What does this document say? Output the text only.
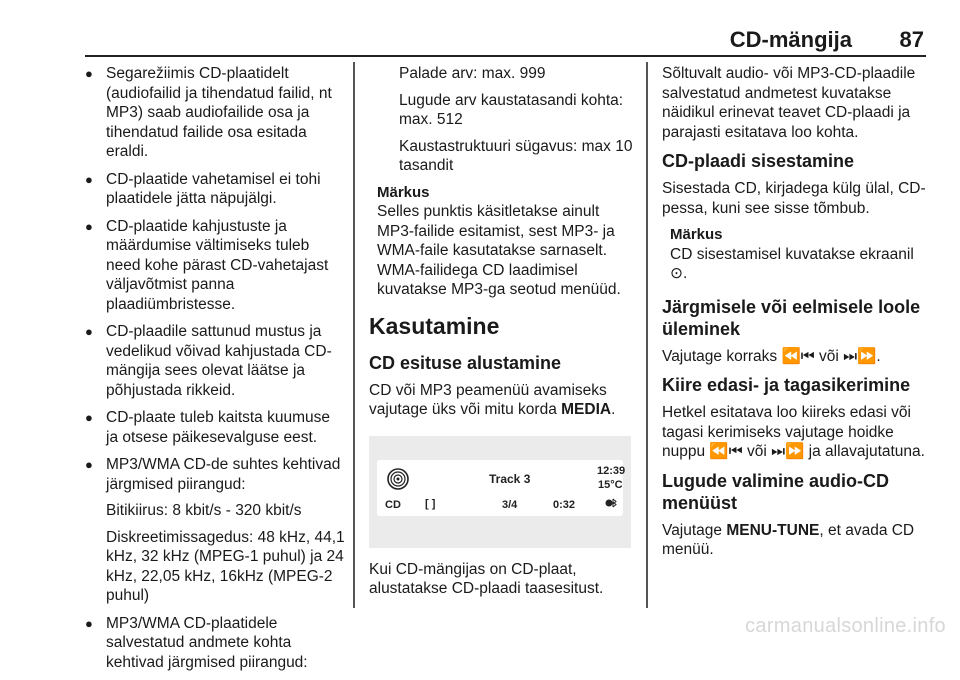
CD-mängija 87
● Segarežiimis CD-plaatidelt (audiofailid ja tihendatud failid, nt MP3) saab audiofailide osa ja tihendatud failide osa esitada eraldi.
● CD-plaatide vahetamisel ei tohi plaatidele jätta näpujälgi.
● CD-plaatide kahjustuste ja määrdumise vältimiseks tuleb need kohe pärast CD-vahetajast väljavõtmist panna plaadiümbristesse.
● CD-plaadile sattunud mustus ja vedelikud võivad kahjustada CD-mängija sees olevat läätse ja põhjustada rikkeid.
● CD-plaate tuleb kaitsta kuumuse ja otsese päikesevalguse eest.
● MP3/WMA CD-de suhtes kehtivad järgmised piirangud:
Bitikiirus: 8 kbit/s - 320 kbit/s
Diskreetimissagedus: 48 kHz, 44,1 kHz, 32 kHz (MPEG-1 puhul) ja 24 kHz, 22,05 kHz, 16kHz (MPEG-2 puhul)
● MP3/WMA CD-plaatidele salvestatud andmete kohta kehtivad järgmised piirangud:

Palade arv: max. 999

Lugude arv kaustatasandi kohta: max. 512

Kaustastruktuuri sügavus: max 10 tasandit

Märkus
Selles punktis käsitletakse ainult MP3-failide esitamist, sest MP3- ja WMA-faile kasutatakse sarnaselt. WMA-failidega CD laadimisel kuvatakse MP3-ga seotud menüüd.
Kasutamine
CD esituse alustamine

CD või MP3 peamenüü avamiseks vajutage üks või mitu korda MEDIA.

Track 3
12:39
15°C
CD [ ]	3/4	0:32

Kui CD-mängijas on CD-plaat, alustatakse CD-plaadi taasesitust.

Sõltuvalt audio- või MP3-CD-plaadile salvestatud andmetest kuvatakse näidikul erinevat teavet CD-plaadi ja parajasti esitatava loo kohta.

CD-plaadi sisestamine

Sisestada CD, kirjadega külg ülal, CD-pessa, kuni see sisse tõmbub.

Märkus
CD sisestamisel kuvatakse ekraanil ⊙.
Järgmisele või eelmisele loole üleminek

Vajutage korraks ⏪⏮ või ⏭⏩.

Kiire edasi- ja tagasikerimine

Hetkel esitatava loo kiireks edasi või tagasi kerimiseks vajutage hoidke nuppu ⏪⏮ või ⏭⏩ ja allavajutatuna.

Lugude valimine audio-CD menüüst

Vajutage MENU-TUNE, et avada CD menüü.

carmanualsonline.info
